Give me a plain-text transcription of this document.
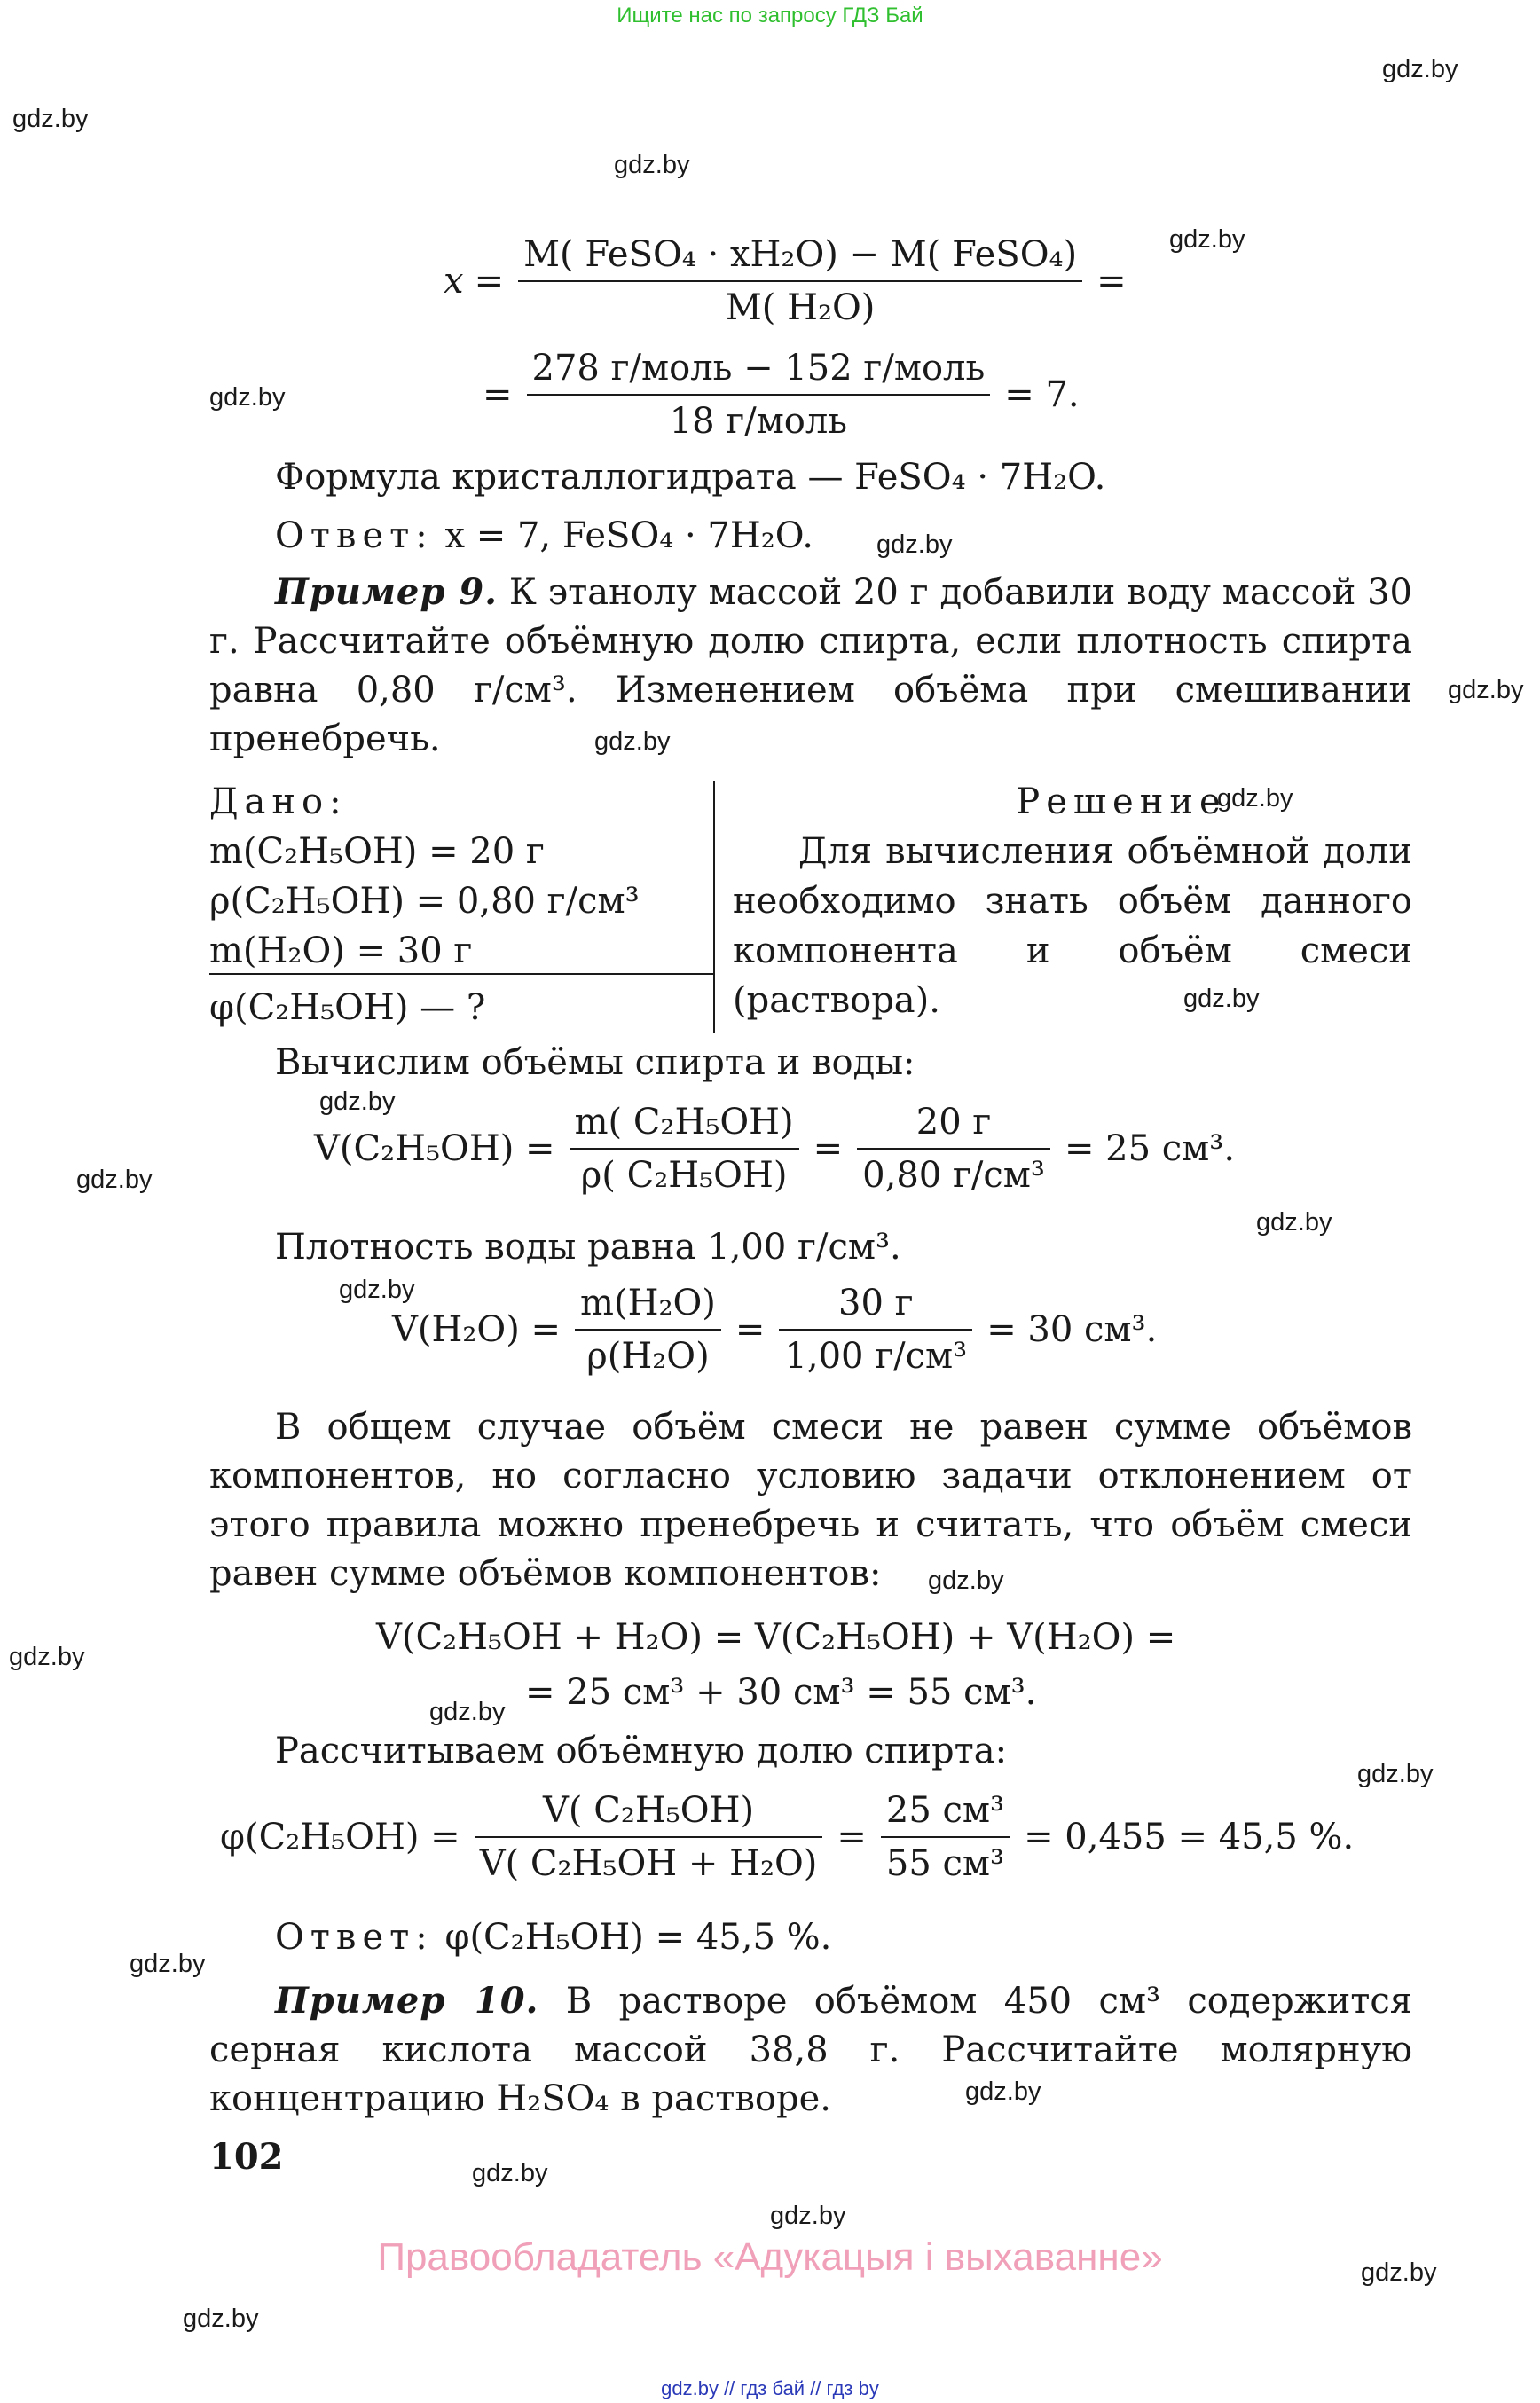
Ищите нас по запросу ГДЗ Бай
gdz.by
gdz.by
gdz.by
gdz.by
gdz.by
gdz.by
gdz.by
gdz.by
gdz.by
gdz.by
gdz.by
gdz.by
gdz.by
gdz.by
gdz.by
gdz.by
gdz.by
gdz.by
gdz.by
gdz.by
gdz.by
gdz.by
gdz.by
gdz.by
$x = \frac{\text{M( FeSO₄ · xH₂O) − M( FeSO₄)}}{\text{M( H₂O)}}$ =
= $\frac{\text{278 г/моль − 152 г/моль}}{\text{18 г/моль}} = 7$.
Формула кристаллогидрата — FeSO₄ · 7H₂O.
Ответ: x = 7, FeSO₄ · 7H₂O.
Пример 9. К этанолу массой 20 г добавили воду массой 30 г. Рассчитайте объёмную долю спирта, если плотность спирта равна 0,80 г/см³. Изменением объёма при смешивании пренебречь.
Дано:
m(C₂H₅OH) = 20 г
ρ(C₂H₅OH) = 0,80 г/см³
m(H₂O) = 30 г
φ(C₂H₅OH) — ?
Решение
Для вычисления объёмной доли необходимо знать объём данного компонента и объём смеси (раствора).
Вычислим объёмы спирта и воды:
$V(C_2H_5OH) = \frac{\text{m( C₂H₅OH)}}{\text{ρ( C₂H₅OH)}} = \frac{20 г}{\text{0,80 г/см³}} = 25$ см³.
Плотность воды равна 1,00 г/см³.
$V(H_2O) = \frac{\text{m(H₂O)}}{\text{ρ(H₂O)}} = \frac{30 г}{\text{1,00 г/см³}} = 30$ см³.
В общем случае объём смеси не равен сумме объёмов компонентов, но согласно условию задачи отклонением от этого правила можно пренебречь и считать, что объём смеси равен сумме объёмов компонентов:
V(C₂H₅OH + H₂O) = V(C₂H₅OH) + V(H₂O) =
= 25 см³ + 30 см³ = 55 см³.
Рассчитываем объёмную долю спирта:
$\varphi(C_2H_5OH) = \frac{\text{V( C₂H₅OH)}}{\text{V( C₂H₅OH + H₂O)}} = \frac{\text{25 см³}}{\text{55 см³}} = 0,455 = 45,5$ %.
Ответ: φ(C₂H₅OH) = 45,5 %.
Пример 10. В растворе объёмом 450 см³ содержится серная кислота массой 38,8 г. Рассчитайте молярную концентрацию H₂SO₄ в растворе.
102
Правообладатель «Адукацыя і выхаванне»
gdz.by // гдз бай // гдз by
